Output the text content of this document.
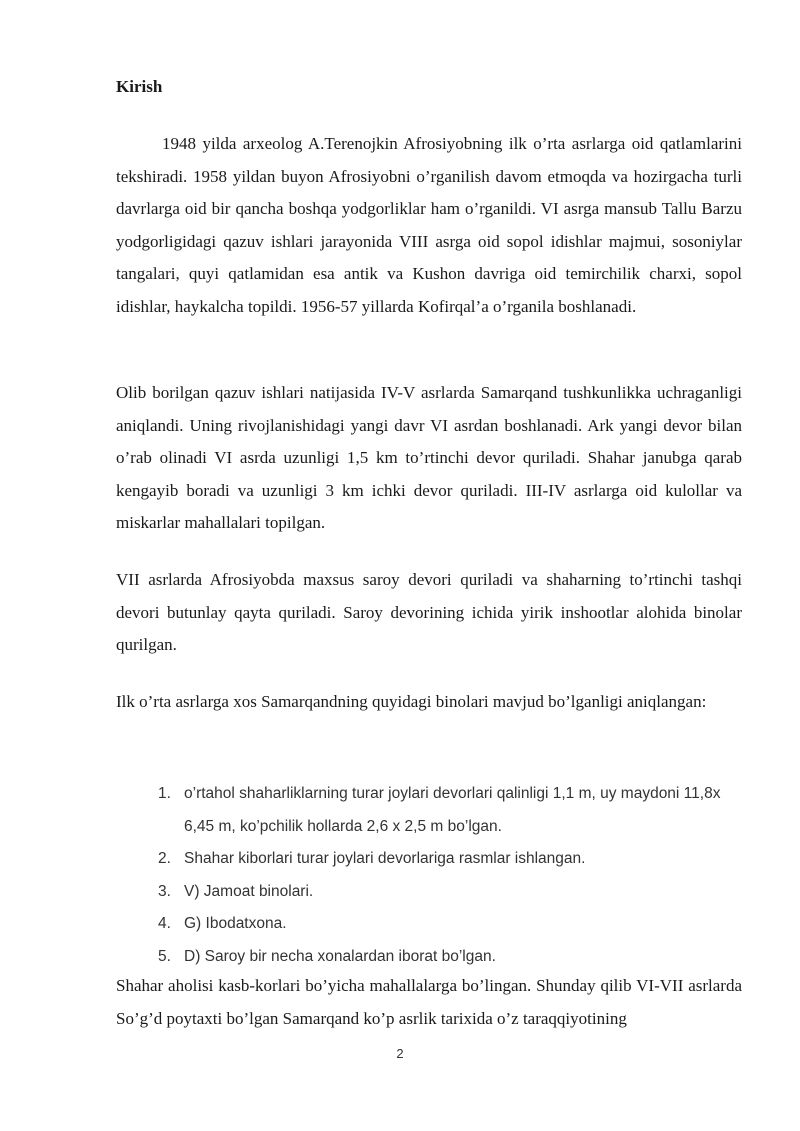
Kirish

1948 yilda arxeolog A.Terenojkin Afrosiyobning ilk o’rta asrlarga oid qatlamlarini tekshiradi. 1958 yildan buyon Afrosiyobni o’rganilish davom etmoqda va hozirgacha turli davrlarga oid bir qancha boshqa yodgorliklar ham o’rganildi. VI asrga mansub Tallu Barzu yodgorligidagi qazuv ishlari jarayonida VIII asrga oid sopol idishlar majmui, sosoniylar tangalari, quyi qatlamidan esa antik va Kushon davriga oid temirchilik charxi, sopol idishlar, haykalcha topildi. 1956-57 yillarda Kofirqal’a o’rganila boshlanadi.

Olib borilgan qazuv ishlari natijasida IV-V asrlarda Samarqand tushkunlikka uchraganligi aniqlandi. Uning rivojlanishidagi yangi davr VI asrdan boshlanadi. Ark yangi devor bilan o’rab olinadi VI asrda uzunligi 1,5 km to’rtinchi devor quriladi. Shahar janubga qarab kengayib boradi va uzunligi 3 km ichki devor quriladi. III-IV asrlarga oid kulollar va miskarlar mahallalari topilgan.

VII asrlarda Afrosiyobda maxsus saroy devori quriladi va shaharning to’rtinchi tashqi devori butunlay qayta quriladi. Saroy devorining ichida yirik inshootlar alohida binolar qurilgan.

Ilk o’rta asrlarga xos Samarqandning quyidagi binolari mavjud bo’lganligi aniqlangan:

1. o’rtahol shaharliklarning turar joylari devorlari qalinligi 1,1 m, uy maydoni 11,8x 6,45 m, ko’pchilik hollarda 2,6 x 2,5 m bo’lgan.
2. Shahar kiborlari turar joylari devorlariga rasmlar ishlangan.
3. V) Jamoat binolari.
4. G) Ibodatxona.
5. D) Saroy bir necha xonalardan iborat bo’lgan.

Shahar aholisi kasb-korlari bo’yicha mahallalarga bo’lingan. Shunday qilib VI-VII asrlarda So’g’d poytaxti bo’lgan Samarqand ko’p asrlik tarixida o’z taraqqiyotining

2
